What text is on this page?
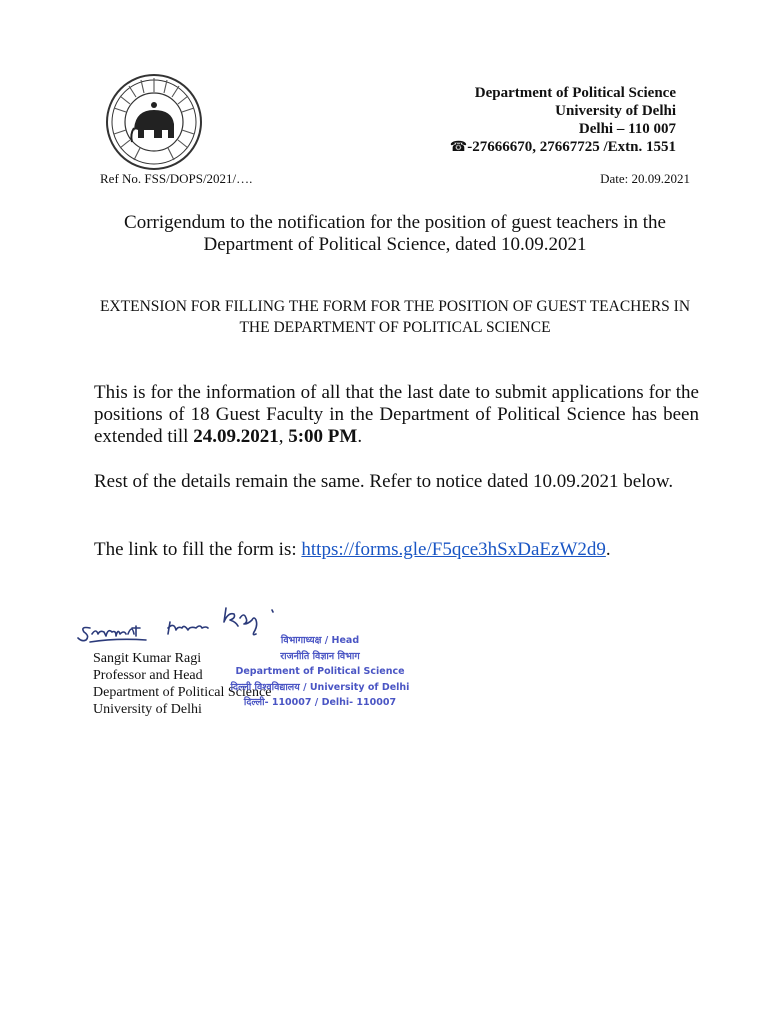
Department of Political Science
University of Delhi
Delhi – 110 007
☎-27666670, 27667725 /Extn. 1551
Ref No. FSS/DOPS/2021/….	Date: 20.09.2021
Corrigendum to the notification for the position of guest teachers in the Department of Political Science, dated 10.09.2021
EXTENSION FOR FILLING THE FORM FOR THE POSITION OF GUEST TEACHERS IN THE DEPARTMENT OF POLITICAL SCIENCE
This is for the information of all that the last date to submit applications for the positions of 18 Guest Faculty in the Department of Political Science has been extended till 24.09.2021, 5:00 PM.
Rest of the details remain the same. Refer to notice dated 10.09.2021 below.
The link to fill the form is: https://forms.gle/F5qce3hSxDaEzW2d9.
Sangit Kumar Ragi
Professor and Head
Department of Political Science
University of Delhi
विभागाध्यक्ष / Head
राजनीति विज्ञान विभाग
Department of Political Science
दिल्ली विश्वविद्यालय / University of Delhi
दिल्ली- 110007 / Delhi- 110007
